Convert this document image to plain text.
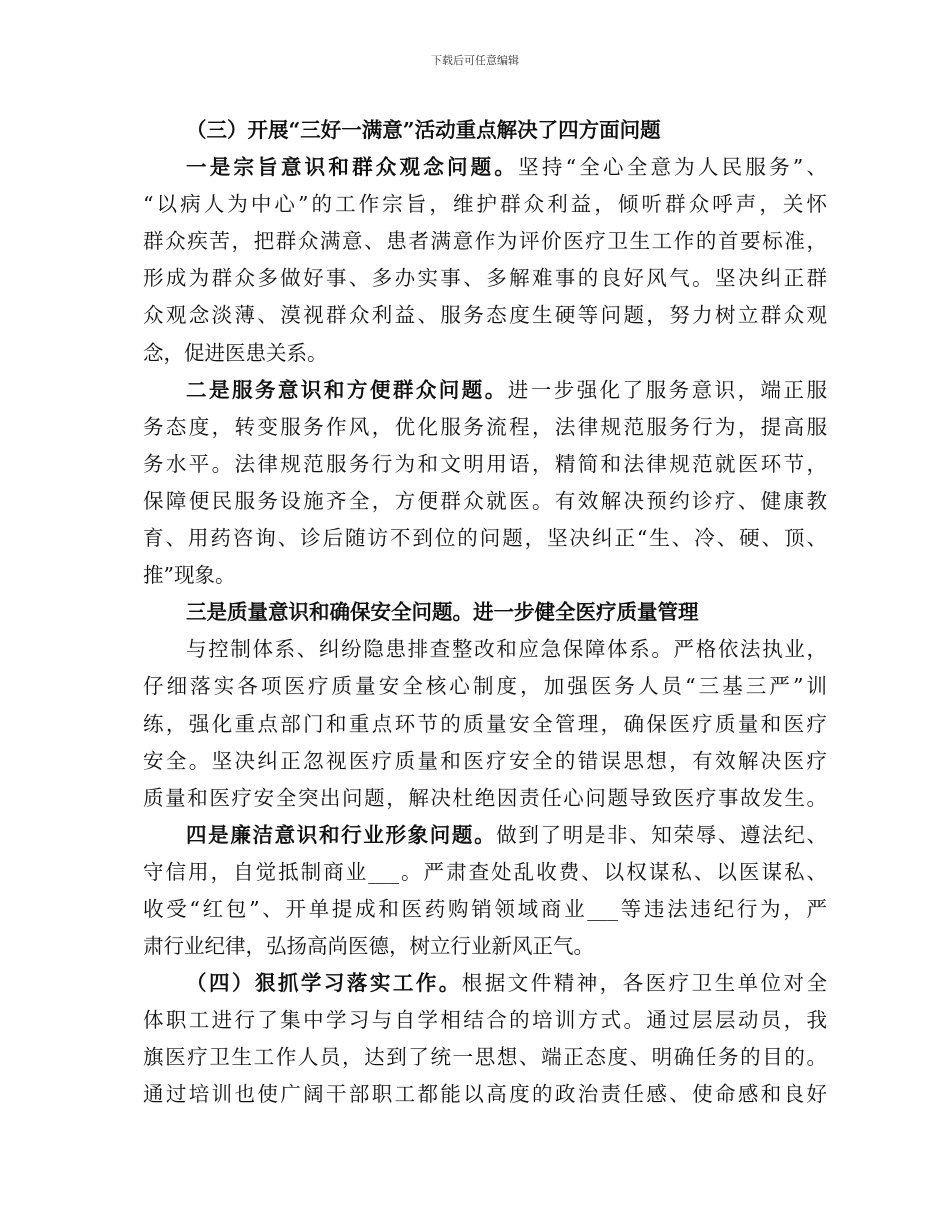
下载后可任意编辑
（三）开展“三好一满意”活动重点解决了四方面问题
一是宗旨意识和群众观念问题。坚持“全心全意为人民服务”、
“以病人为中心”的工作宗旨，维护群众利益，倾听群众呼声，关怀
群众疾苦，把群众满意、患者满意作为评价医疗卫生工作的首要标准，
形成为群众多做好事、多办实事、多解难事的良好风气。坚决纠正群
众观念淡薄、漠视群众利益、服务态度生硬等问题，努力树立群众观
念，促进医患关系。
二是服务意识和方便群众问题。进一步强化了服务意识，端正服
务态度，转变服务作风，优化服务流程，法律规范服务行为，提高服
务水平。法律规范服务行为和文明用语，精简和法律规范就医环节，
保障便民服务设施齐全，方便群众就医。有效解决预约诊疗、健康教
育、用药咨询、诊后随访不到位的问题，坚决纠正“生、冷、硬、顶、
推”现象。
三是质量意识和确保安全问题。进一步健全医疗质量管理
与控制体系、纠纷隐患排查整改和应急保障体系。严格依法执业，
仔细落实各项医疗质量安全核心制度，加强医务人员“三基三严”训
练，强化重点部门和重点环节的质量安全管理，确保医疗质量和医疗
安全。坚决纠正忽视医疗质量和医疗安全的错误思想，有效解决医疗
质量和医疗安全突出问题，解决杜绝因责任心问题导致医疗事故发生。
四是廉洁意识和行业形象问题。做到了明是非、知荣辱、遵法纪、
守信用，自觉抵制商业___。严肃查处乱收费、以权谋私、以医谋私、
收受“红包”、开单提成和医药购销领域商业___等违法违纪行为，严
肃行业纪律，弘扬高尚医德，树立行业新风正气。
（四）狠抓学习落实工作。根据文件精神，各医疗卫生单位对全
体职工进行了集中学习与自学相结合的培训方式。通过层层动员，我
旗医疗卫生工作人员，达到了统一思想、端正态度、明确任务的目的。
通过培训也使广阔干部职工都能以高度的政治责任感、使命感和良好
